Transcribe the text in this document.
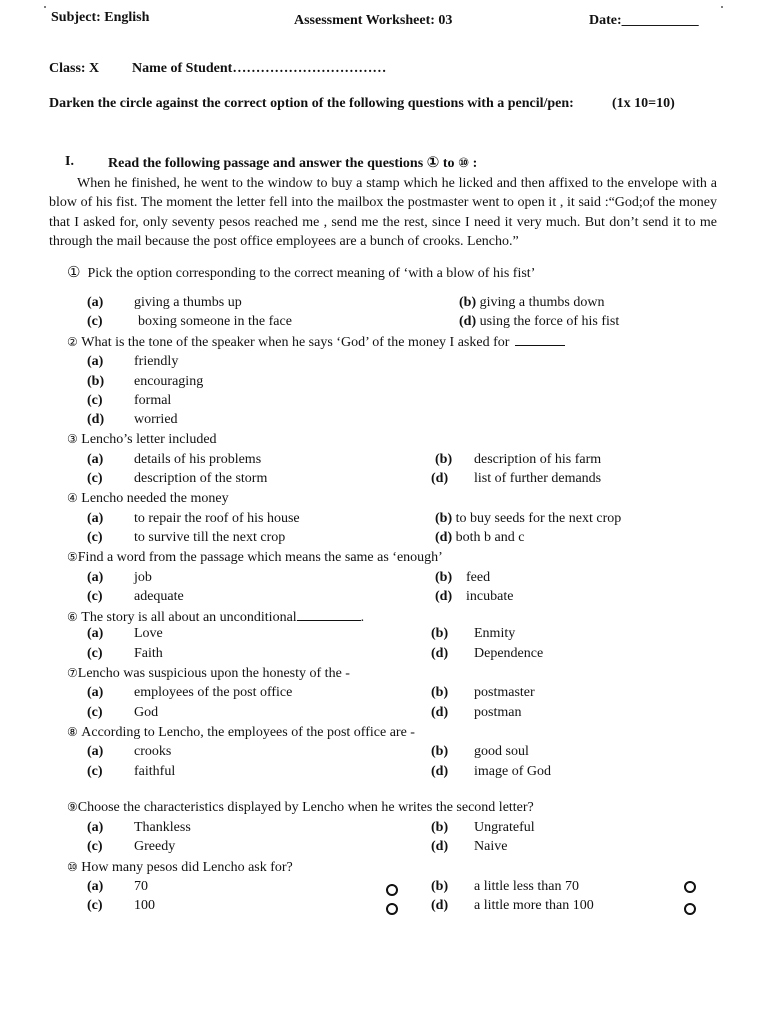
Subject: English	Assessment Worksheet: 03	Date:___________
Class: X Name of Student……………………………
Darken the circle against the correct option of the following questions with a pencil/pen:	(1x 10=10)
I. Read the following passage and answer the questions ① to ⑩ :
When he finished, he went to the window to buy a stamp which he licked and then affixed to the envelope with a blow of his fist. The moment the letter fell into the mailbox the postmaster went to open it , it said :“God;of the money that I asked for, only seventy pesos reached me , send me the rest, since I need it very much. But don’t send it to me through the mail because the post office employees are a bunch of crooks. Lencho.”
① Pick the option corresponding to the correct meaning of ‘with a blow of his fist’
(a) giving a thumbs up	(b) giving a thumbs down
(c)	boxing someone in the face	(d) using the force of his fist
② What is the tone of the speaker when he says ‘God’ of the money I asked for
(a) friendly
(b) encouraging
(c) formal
(d) worried
③ Lencho’s letter included
(a) details of his problems	(b) description of his farm
(c) description of the storm	(d) list of further demands
④ Lencho needed the money
(a) to repair the roof of his house	(b) to buy seeds for the next crop
(c) to survive till the next crop	(d) both b and c
⑤Find a word from the passage which means the same as ‘enough’
(a) job	(b) feed
(c) adequate	(d) incubate
⑥ The story is all about an unconditional	.
(a) Love	(b) Enmity
(c) Faith	(d) Dependence
⑦Lencho was suspicious upon the honesty of the -
(a) employees of the post office	(b) postmaster
(c) God	(d) postman
⑧ According to Lencho, the employees of the post office are -
(a) crooks	(b) good soul
(c) faithful	(d) image of God
⑨Choose the characteristics displayed by Lencho when he writes the second letter?
(a) Thankless	(b) Ungrateful
(c) Greedy	(d) Naive
⑩ How many pesos did Lencho ask for?
(a) 70	(b) a little less than 70
(c) 100	(d) a little more than 100
